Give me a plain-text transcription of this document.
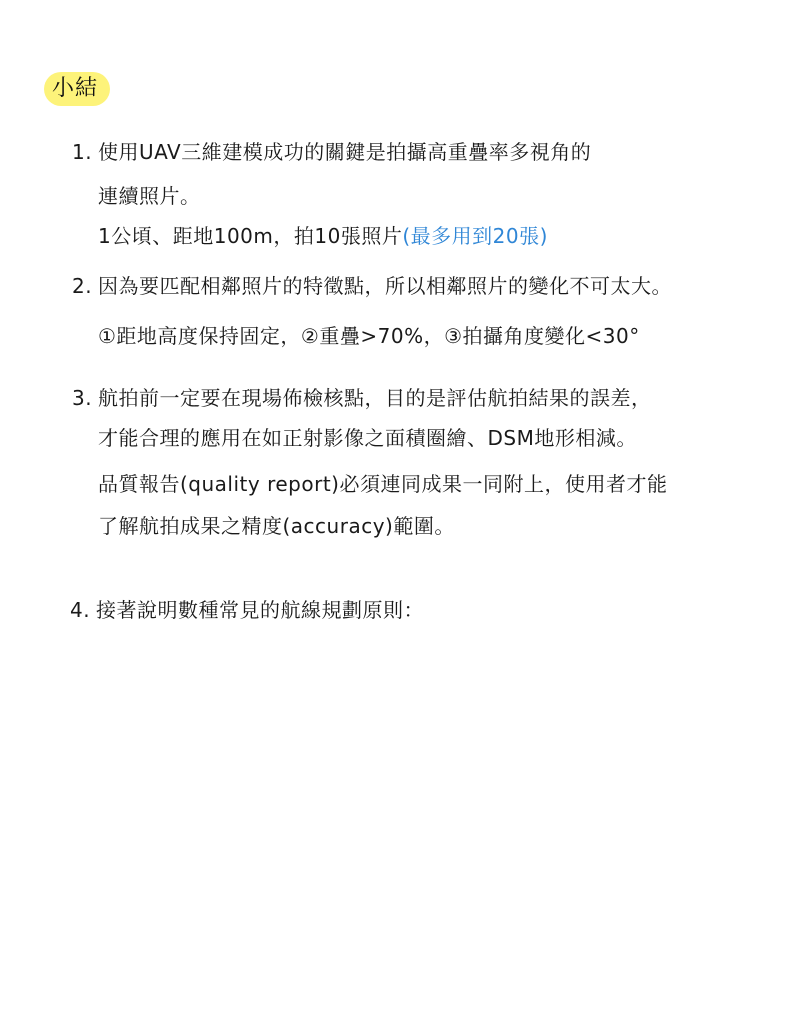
小結
1. 使用UAV三維建模成功的關鍵是拍攝高重疊率多視角的
連續照片。
1公頃、距地100m，拍10張照片(最多用到20張)
2. 因為要匹配相鄰照片的特徵點，所以相鄰照片的變化不可太大。
①距地高度保持固定，②重疊>70%，③拍攝角度變化<30°
3. 航拍前一定要在現場佈檢核點，目的是評估航拍結果的誤差，
才能合理的應用在如正射影像之面積圈繪、DSM地形相減。
品質報告(quality report)必須連同成果一同附上，使用者才能
了解航拍成果之精度(accuracy)範圍。
4. 接著說明數種常見的航線規劃原則：
